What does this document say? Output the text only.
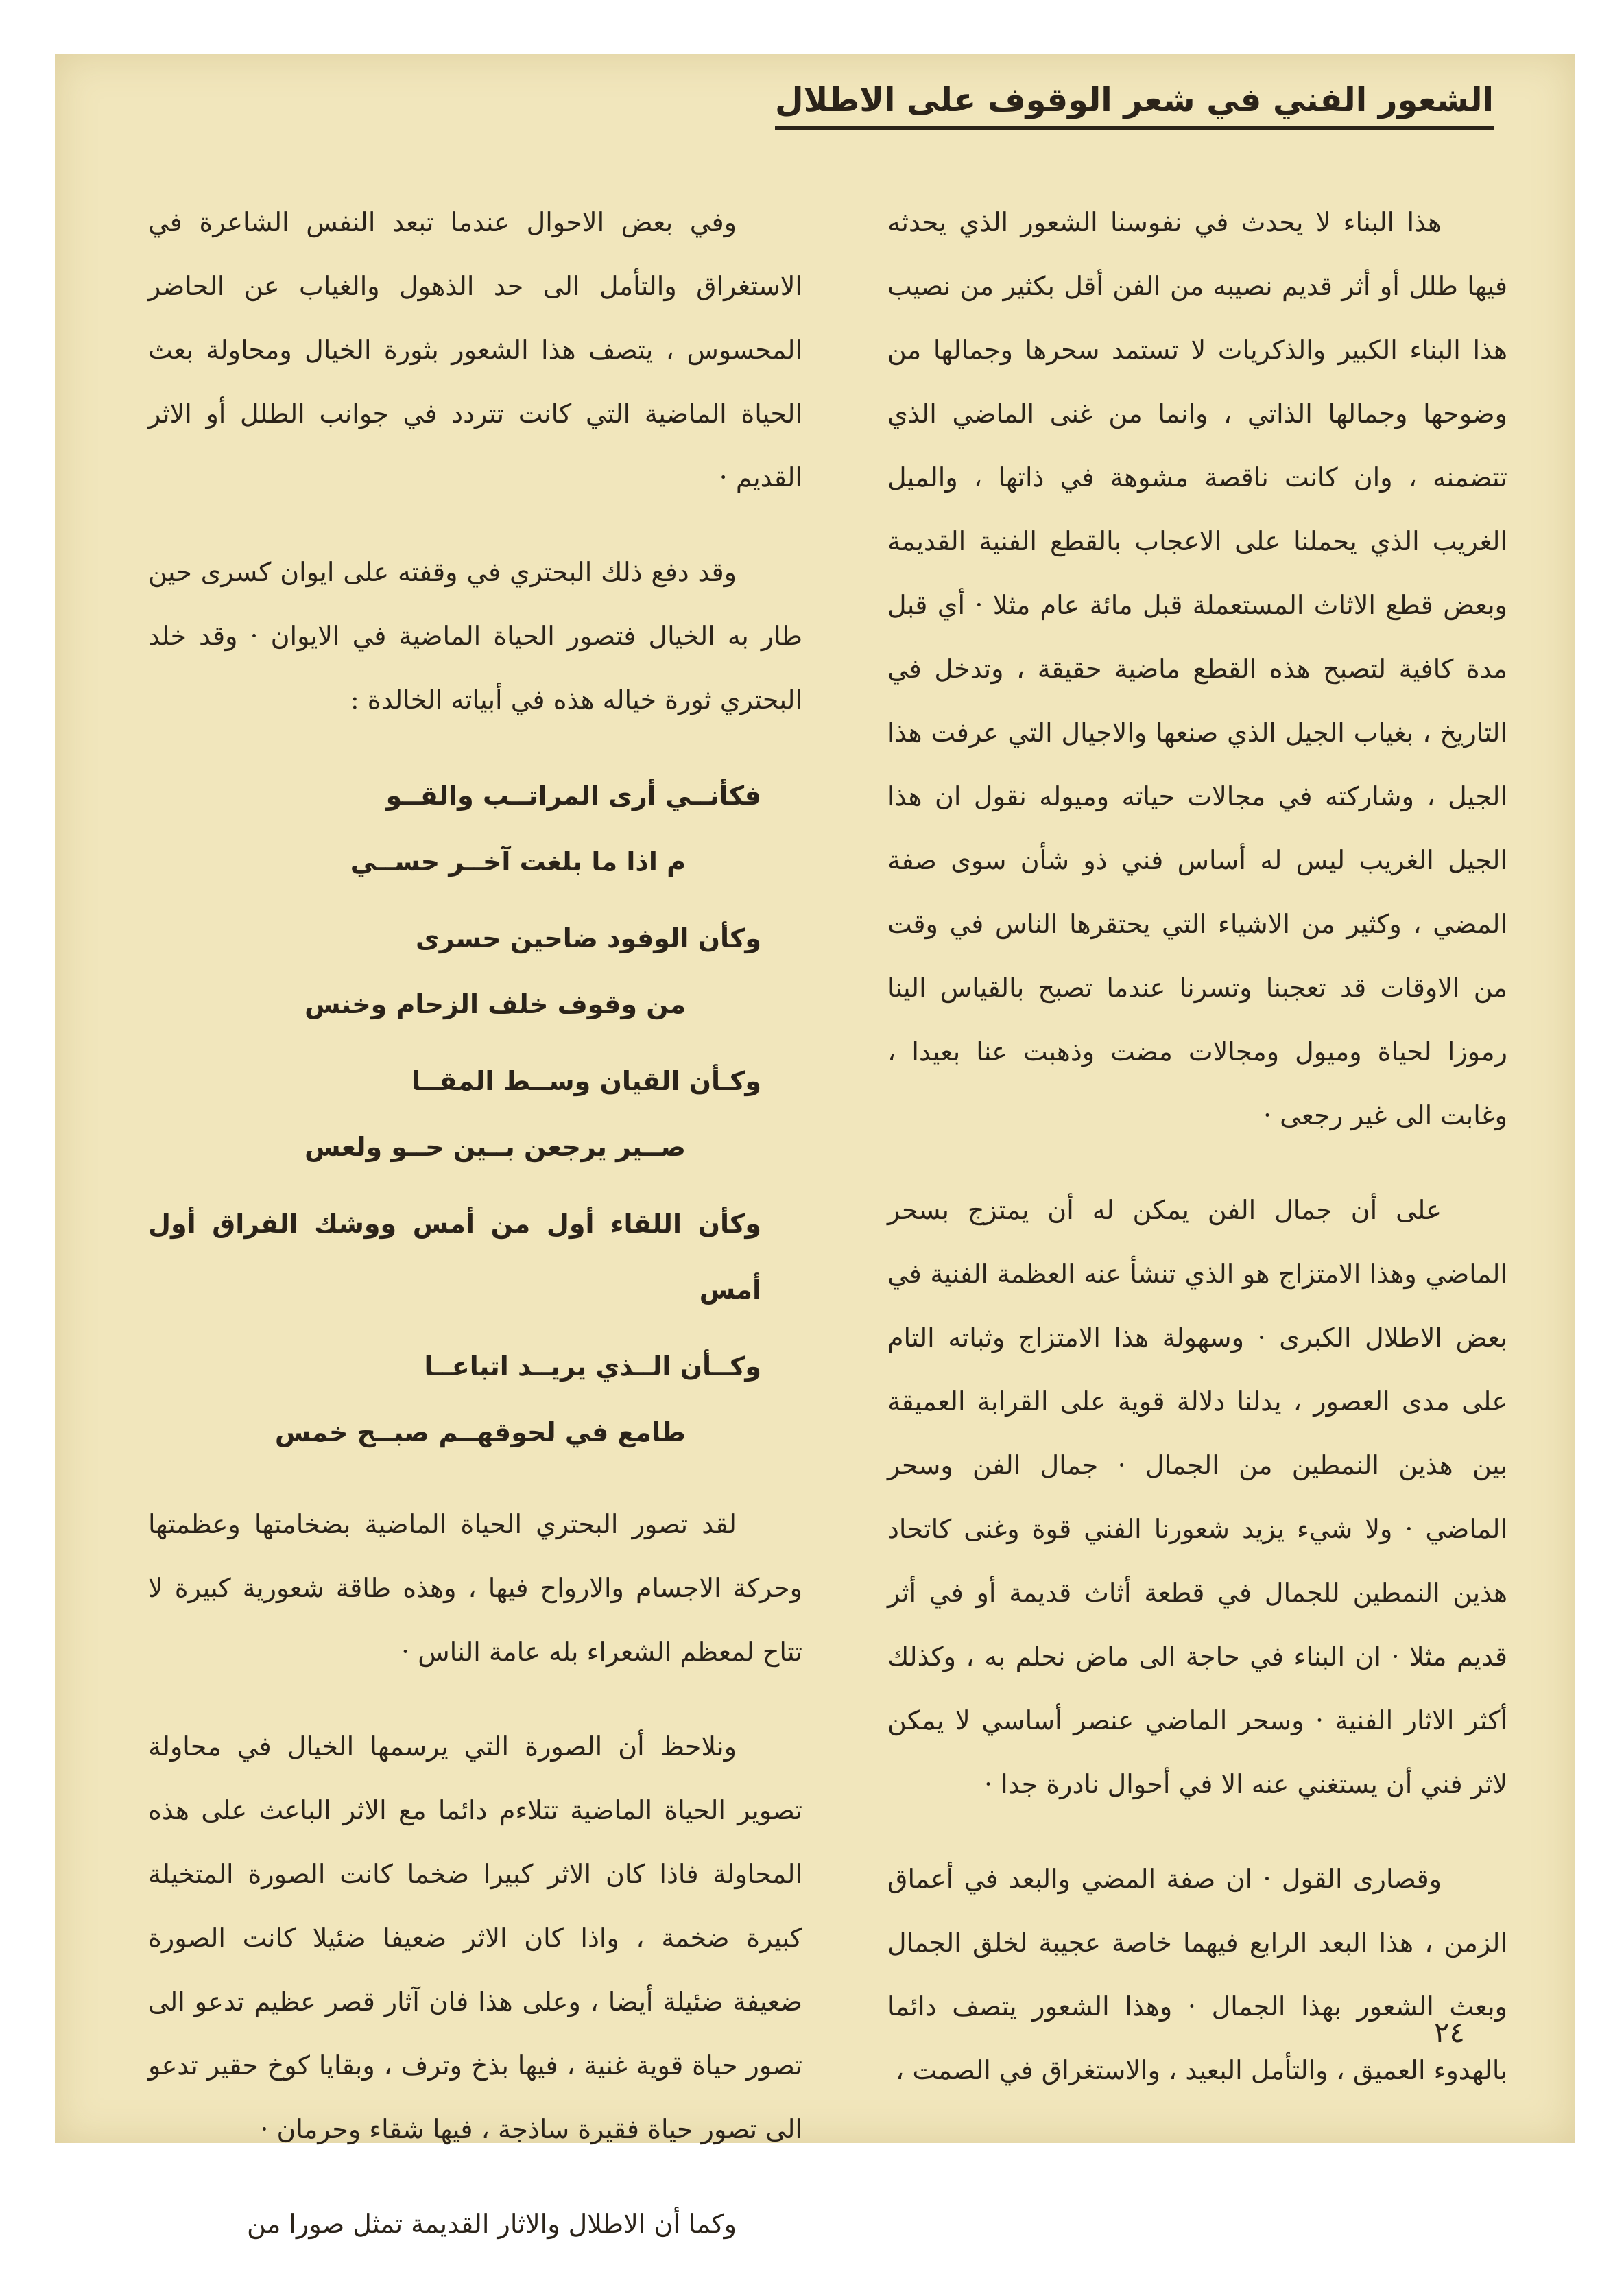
الشعور الفني في شعر الوقوف على الاطلال

هذا البناء لا يحدث في نفوسنا الشعور الذي يحدثه فيها طلل أو أثر قديم نصيبه من الفن أقل بكثير من نصيب هذا البناء الكبير والذكريات لا تستمد سحرها وجمالها من وضوحها وجمالها الذاتي ، وانما من غنى الماضي الذي تتضمنه ، وان كانت ناقصة مشوهة في ذاتها ، والميل الغريب الذي يحملنا على الاعجاب بالقطع الفنية القديمة وبعض قطع الاثاث المستعملة قبل مائة عام مثلا · أي قبل مدة كافية لتصبح هذه القطع ماضية حقيقة ، وتدخل في التاريخ ، بغياب الجيل الذي صنعها والاجيال التي عرفت هذا الجيل ، وشاركته في مجالات حياته وميوله نقول ان هذا الجيل الغريب ليس له أساس فني ذو شأن سوى صفة المضي ، وكثير من الاشياء التي يحتقرها الناس في وقت من الاوقات قد تعجبنا وتسرنا عندما تصبح بالقياس الينا رموزا لحياة وميول ومجالات مضت وذهبت عنا بعيدا ، وغابت الى غير رجعى ·

على أن جمال الفن يمكن له أن يمتزج بسحر الماضي وهذا الامتزاج هو الذي تنشأ عنه العظمة الفنية في بعض الاطلال الكبرى · وسهولة هذا الامتزاج وثباته التام على مدى العصور ، يدلنا دلالة قوية على القرابة العميقة بين هذين النمطين من الجمال · جمال الفن وسحر الماضي · ولا شيء يزيد شعورنا الفني قوة وغنى كاتحاد هذين النمطين للجمال في قطعة أثاث قديمة أو في أثر قديم مثلا · ان البناء في حاجة الى ماض نحلم به ، وكذلك أكثر الاثار الفنية · وسحر الماضي عنصر أساسي لا يمكن لاثر فني أن يستغني عنه الا في أحوال نادرة جدا ·

وقصارى القول · ان صفة المضي والبعد في أعماق الزمن ، هذا البعد الرابع فيهما خاصة عجيبة لخلق الجمال وبعث الشعور بهذا الجمال · وهذا الشعور يتصف دائما بالهدوء العميق ، والتأمل البعيد ، والاستغراق في الصمت ،

وفي بعض الاحوال عندما تبعد النفس الشاعرة في الاستغراق والتأمل الى حد الذهول والغياب عن الحاضر المحسوس ، يتصف هذا الشعور بثورة الخيال ومحاولة بعث الحياة الماضية التي كانت تتردد في جوانب الطلل أو الاثر القديم ·

وقد دفع ذلك البحتري في وقفته على ايوان كسرى حين طار به الخيال فتصور الحياة الماضية في الايوان · وقد خلد البحتري ثورة خياله هذه في أبياته الخالدة :

فكأنــي أرى المراتــب والقــو
م اذا ما بلغت آخــر حســي
وكأن الوفود ضاحين حسرى
من وقوف خلف الزحام وخنس
وكـأن القيان وســط المقــا
صــير يرجعن بــين حــو ولعس
وكأن اللقاء أول من أمس ووشك الفراق أول أمس
وكــأن الــذي يريــد اتباعــا
طامع في لحوقهــم صبــح خمس

لقد تصور البحتري الحياة الماضية بضخامتها وعظمتها وحركة الاجسام والارواح فيها ، وهذه طاقة شعورية كبيرة لا تتاح لمعظم الشعراء بله عامة الناس ·

ونلاحظ أن الصورة التي يرسمها الخيال في محاولة تصوير الحياة الماضية تتلاءم دائما مع الاثر الباعث على هذه المحاولة فاذا كان الاثر كبيرا ضخما كانت الصورة المتخيلة كبيرة ضخمة ، واذا كان الاثر ضعيفا ضئيلا كانت الصورة ضعيفة ضئيلة أيضا ، وعلى هذا فان آثار قصر عظيم تدعو الى تصور حياة قوية غنية ، فيها بذخ وترف ، وبقايا كوخ حقير تدعو الى تصور حياة فقيرة ساذجة ، فيها شقاء وحرمان ·

وكما أن الاطلال والاثار القديمة تمثل صورا من

٢٤
